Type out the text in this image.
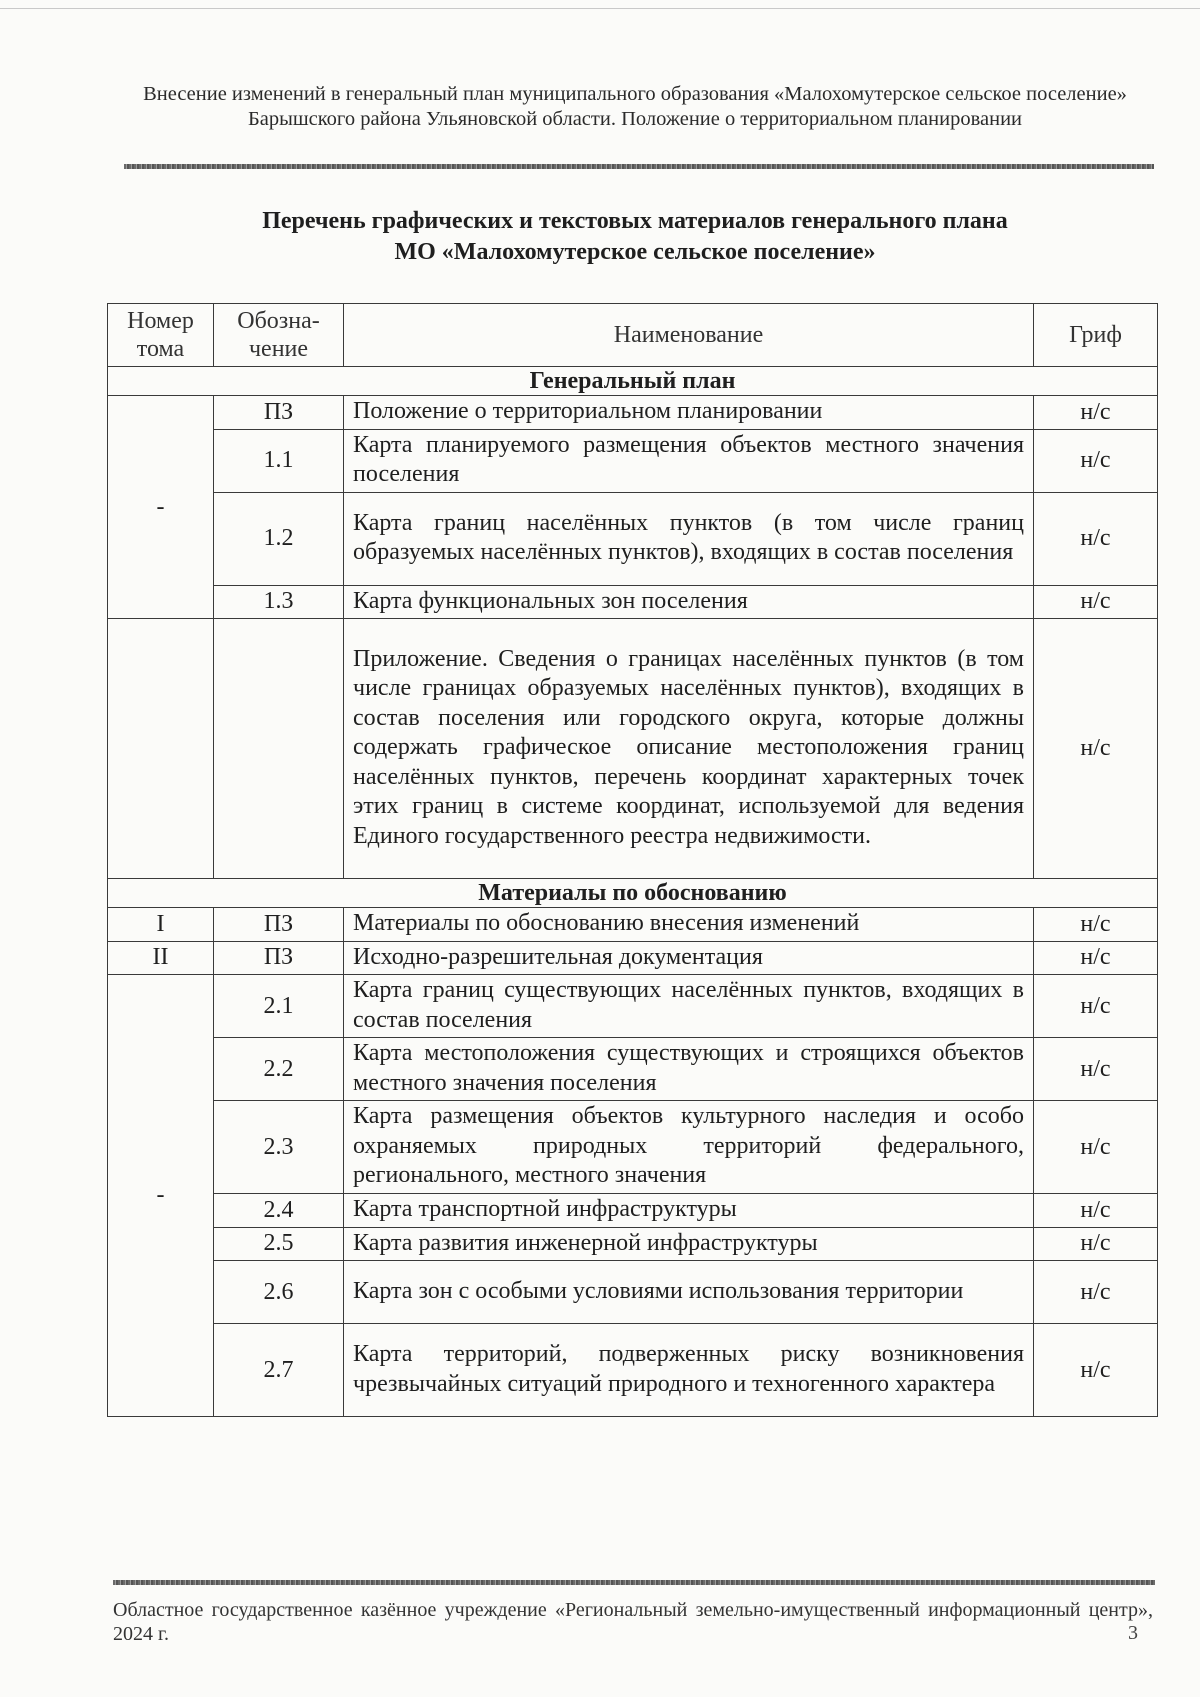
Внесение изменений в генеральный план муниципального образования «Малохомутерское сельское поселение» Барышского района Ульяновской области. Положение о территориальном планировании
Перечень графических и текстовых материалов генерального плана
МО «Малохомутерское сельское поселение»
Номер тома	Обозна-чение	Наименование	Гриф
Генеральный план			
-	ПЗ	Положение о территориальном планировании	н/с
	1.1	Карта планируемого размещения объектов местного значения поселения	н/с
	1.2	Карта границ населённых пунктов (в том числе границ образуемых населённых пунктов), входящих в состав поселения	н/с
	1.3	Карта функциональных зон поселения	н/с
		Приложение. Сведения о границах населённых пунктов (в том числе границах образуемых населённых пунктов), входящих в состав поселения или городского округа, которые должны содержать графическое описание местоположения границ населённых пунктов, перечень координат характерных точек этих границ в системе координат, используемой для ведения Единого государственного реестра недвижимости.	н/с
Материалы по обоснованию			
I	ПЗ	Материалы по обоснованию внесения изменений	н/с
II	ПЗ	Исходно-разрешительная документация	н/с
-	2.1	Карта границ существующих населённых пунктов, входящих в состав поселения	н/с
	2.2	Карта местоположения существующих и строящихся объектов местного значения поселения	н/с
	2.3	Карта размещения объектов культурного наследия и особо охраняемых природных территорий федерального, регионального, местного значения	н/с
	2.4	Карта транспортной инфраструктуры	н/с
	2.5	Карта развития инженерной инфраструктуры	н/с
	2.6	Карта зон с особыми условиями использования территории	н/с
	2.7	Карта территорий, подверженных риску возникновения чрезвычайных ситуаций природного и техногенного характера	н/с
Областное государственное казённое учреждение «Региональный земельно-имущественный информационный центр», 2024 г.	3
